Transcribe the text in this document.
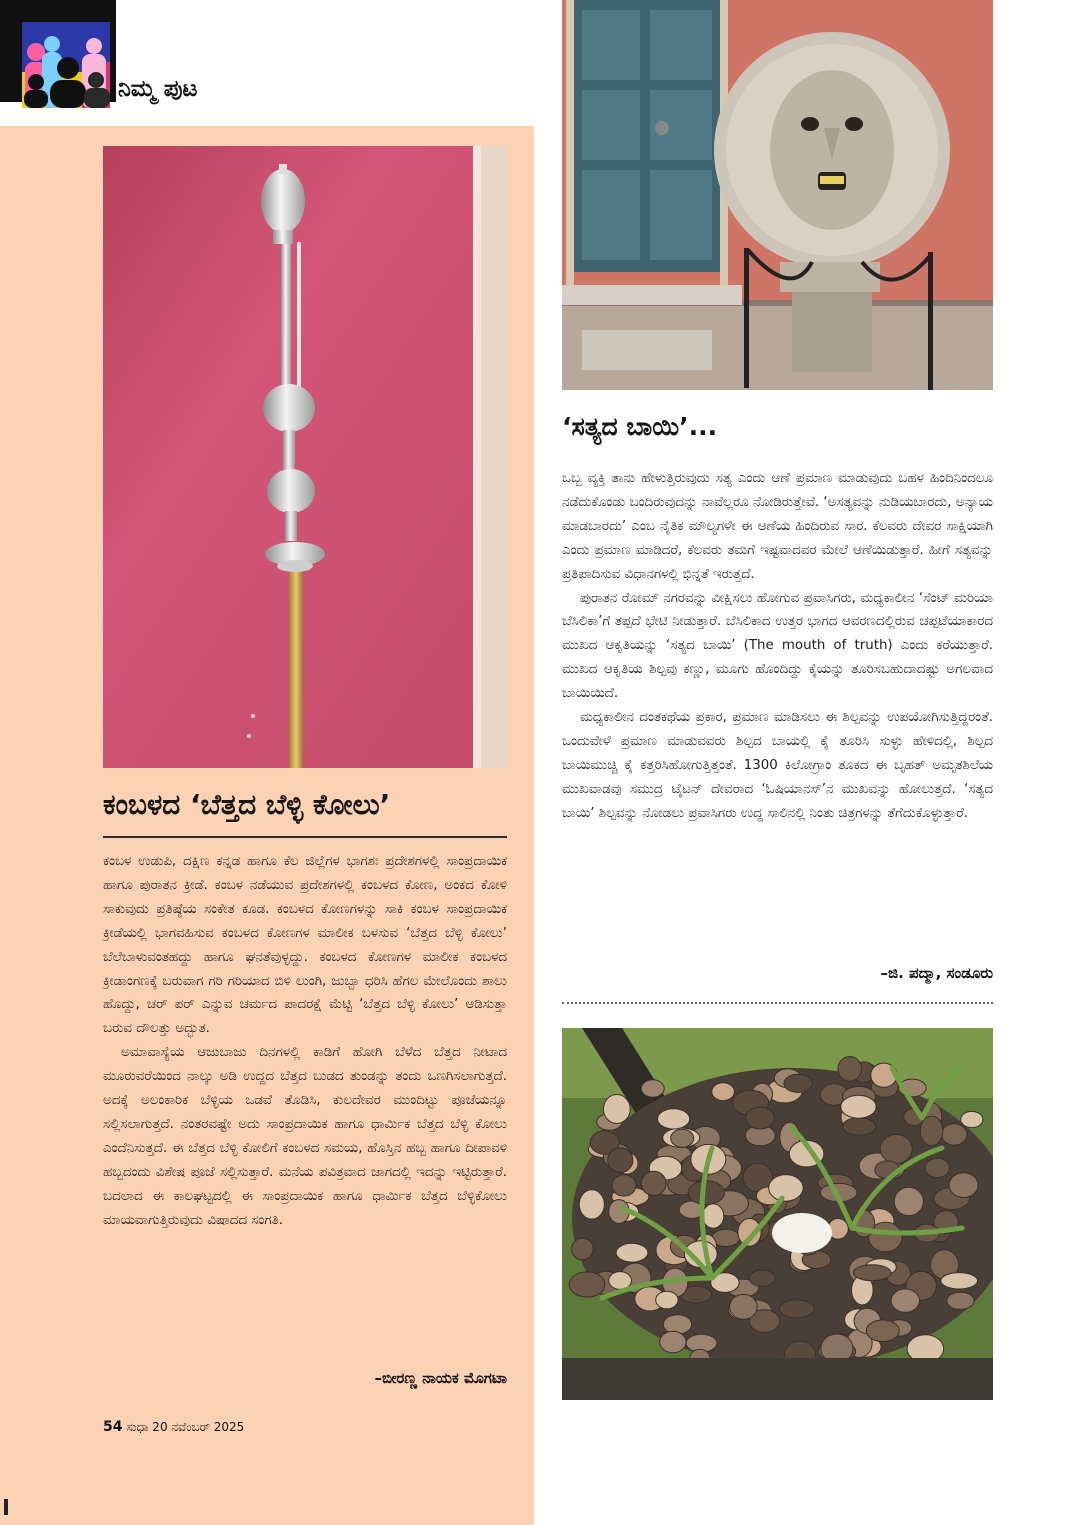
ನಿಮ್ಮ ಪುಟ
ಕಂಬಳದ ‘ಬೆತ್ತದ ಬೆಳ್ಳಿ ಕೋಲು’

ಕಂಬಳ ಉಡುಪಿ, ದಕ್ಷಿಣ ಕನ್ನಡ ಹಾಗೂ ಕೆಲ ಜಿಲ್ಲೆಗಳ ಭಾಗಶಃ ಪ್ರದೇಶಗಳಲ್ಲಿ ಸಾಂಪ್ರದಾಯಿಕ ಹಾಗೂ ಪುರಾತನ ಕ್ರೀಡೆ. ಕಂಬಳ ನಡೆಯುವ ಪ್ರದೇಶಗಳಲ್ಲಿ ಕಂಬಳದ ಕೋಣ, ಅಂಕದ ಕೋಳಿ ಸಾಕುವುದು ಪ್ರತಿಷ್ಠೆಯ ಸಂಕೇತ ಕೂಡ. ಕಂಬಳದ ಕೋಣಗಳನ್ನು ಸಾಕಿ ಕಂಬಳ ಸಾಂಪ್ರದಾಯಿಕ ಕ್ರೀಡೆಯಲ್ಲಿ ಭಾಗವಹಿಸುವ ಕಂಬಳದ ಕೋಣಗಳ ಮಾಲೀಕ ಬಳಸುವ ‘ಬೆತ್ತದ ಬೆಳ್ಳಿ ಕೋಲು’ ಬೆಲೆಬಾಳುವಂತಹದ್ದು ಹಾಗೂ ಘನತೆವುಳ್ಳದ್ದು. ಕಂಬಳದ ಕೋಣಗಳ ಮಾಲೀಕ ಕಂಬಳದ ಕ್ರೀಡಾಂಗಣಕ್ಕೆ ಬರುವಾಗ ಗರಿ ಗರಿಯಾದ ಬಿಳಿ ಲುಂಗಿ, ಜುಬ್ಬಾ ಧರಿಸಿ ಹೆಗಲ ಮೇಲೊಂದು ಶಾಲು ಹೊದ್ದು, ಚರ್ ಪರ್ ಎನ್ನುವ ಚರ್ಮದ ಪಾದರಕ್ಷೆ ಮೆಟ್ಟಿ ‘ಬೆತ್ತದ ಬೆಳ್ಳಿ ಕೋಲು’ ಆಡಿಸುತ್ತಾ ಬರುವ ದೌಲತ್ತು ಅದ್ಭುತ.

ಅಮಾವಾಸ್ಯೆಯ ಆಜುಬಾಜು ದಿನಗಳಲ್ಲಿ ಕಾಡಿಗೆ ಹೋಗಿ ಬೆಳೆದ ಬೆತ್ತದ ನೀಟಾದ ಮೂರುವರೆಯಿಂದ ನಾಲ್ಕು ಅಡಿ ಉದ್ದದ ಬೆತ್ತದ ಬುಡದ ತುಂಡನ್ನು ತಂದು ಒಣಗಿಸಲಾಗುತ್ತದೆ. ಅದಕ್ಕೆ ಅಲಂಕಾರಿಕ ಬೆಳ್ಳಿಯ ಒಡವೆ ತೊಡಿಸಿ, ಕುಲದೇವರ ಮುಂದಿಟ್ಟು ಪೂಜೆಯನ್ನೂ ಸಲ್ಲಿಸಲಾಗುತ್ತದೆ. ನಂತರವಷ್ಟೇ ಅದು ಸಾಂಪ್ರದಾಯಿಕ ಹಾಗೂ ಧಾರ್ಮಿಕ ಬೆತ್ತದ ಬೆಳ್ಳಿ ಕೋಲು ಎಂದೆನಿಸುತ್ತದೆ. ಈ ಬೆತ್ತದ ಬೆಳ್ಳಿ ಕೋಲಿಗೆ ಕಂಬಳದ ಸಮಯ, ಹೊಸ್ತಿನ ಹಬ್ಬ ಹಾಗೂ ದೀಪಾವಳಿ ಹಬ್ಬದಂದು ವಿಶೇಷ ಪೂಜೆ ಸಲ್ಲಿಸುತ್ತಾರೆ. ಮನೆಯ ಪವಿತ್ರವಾದ ಜಾಗದಲ್ಲಿ ಇದನ್ನು ಇಟ್ಟಿರುತ್ತಾರೆ. ಬದಲಾದ ಈ ಕಾಲಘಟ್ಟದಲ್ಲಿ ಈ ಸಾಂಪ್ರದಾಯಿಕ ಹಾಗೂ ಧಾರ್ಮಿಕ ಬೆತ್ತದ ಬೆಳ್ಳಿಕೋಲು ಮಾಯವಾಗುತ್ತಿರುವುದು ವಿಷಾದದ ಸಂಗತಿ.

–ಬೀರಣ್ಣ ನಾಯಕ ಮೊಗಟಾ
54 ಸುಧಾ 20 ನವೆಂಬರ್ 2025
‘ಸತ್ಯದ ಬಾಯಿ’...

ಒಬ್ಬ ವ್ಯಕ್ತಿ ತಾನು ಹೇಳುತ್ತಿರುವುದು ಸತ್ಯ ಎಂದು ಆಣೆ ಪ್ರಮಾಣ ಮಾಡುವುದು ಬಹಳ ಹಿಂದಿನಿಂದಲೂ ನಡೆದುಕೊಂಡು ಬಂದಿರುವುದನ್ನು ನಾವೆಲ್ಲರೂ ನೋಡಿರುತ್ತೇವೆ. ‘ಅಸತ್ಯವನ್ನು ನುಡಿಯಬಾರದು, ಅನ್ಯಾಯ ಮಾಡಬಾರದು’ ಎಂಬ ನೈತಿಕ ಮೌಲ್ಯಗಳೇ ಈ ಆಣೆಯ ಹಿಂದಿರುವ ಸಾರ. ಕೆಲವರು ದೇವರ ಸಾಕ್ಷಿಯಾಗಿ ಎಂದು ಪ್ರಮಾಣ ಮಾಡಿದರೆ, ಕೆಲವರು ತಮಗೆ ಇಷ್ಟವಾದವರ ಮೇಲೆ ಆಣೆಯಿಡುತ್ತಾರೆ. ಹೀಗೆ ಸತ್ಯವನ್ನು ಪ್ರತಿಪಾದಿಸುವ ವಿಧಾನಗಳಲ್ಲಿ ಭಿನ್ನತೆ ಇರುತ್ತದೆ.

ಪುರಾತನ ರೋಮ್ ನಗರವನ್ನು ವೀಕ್ಷಿಸಲು ಹೋಗುವ ಪ್ರವಾಸಿಗರು, ಮಧ್ಯಕಾಲೀನ ‘ಸೆಂಟ್ ಮರಿಯಾ ಬೆಸಿಲಿಕಾ’ಗೆ ತಪ್ಪದೆ ಭೇಟಿ ನೀಡುತ್ತಾರೆ. ಬೆಸಿಲಿಕಾದ ಉತ್ತರ ಭಾಗದ ಆವರಣದಲ್ಲಿರುವ ಚಪ್ಪಟೆಯಾಕಾರದ ಮುಖದ ಆಕೃತಿಯನ್ನು ‘ಸತ್ಯದ ಬಾಯಿ’ (The mouth of truth) ಎಂದು ಕರೆಯುತ್ತಾರೆ. ಮುಖದ ಆಕೃತಿಯ ಶಿಲ್ಪವು ಕಣ್ಣು, ಮೂಗು ಹೊಂದಿದ್ದು ಕೈಯನ್ನು ತೂರಿಸಬಹುದಾದಷ್ಟು ಅಗಲವಾದ ಬಾಯಿಯಿದೆ.

ಮಧ್ಯಕಾಲೀನ ದಂತಕಥೆಯ ಪ್ರಕಾರ, ಪ್ರಮಾಣ ಮಾಡಿಸಲು ಈ ಶಿಲ್ಪವನ್ನು ಉಪಯೋಗಿಸುತ್ತಿದ್ದರಂತೆ. ಒಂದುವೇಳೆ ಪ್ರಮಾಣ ಮಾಡುವವರು ಶಿಲ್ಪದ ಬಾಯಲ್ಲಿ ಕೈ ತೂರಿಸಿ ಸುಳ್ಳು ಹೇಳಿದಲ್ಲಿ, ಶಿಲ್ಪದ ಬಾಯಿಮುಚ್ಚಿ ಕೈ ಕತ್ತರಿಸಿಹೋಗುತ್ತಿತ್ತಂತೆ. 1300 ಕಿಲೋಗ್ರಾಂ ತೂಕದ ಈ ಬೃಹತ್ ಅಮೃತಶಿಲೆಯ ಮುಖವಾಡವು ಸಮುದ್ರ ಟೈಟನ್ ದೇವರಾದ ‘ಓಷಿಯಾನಸ್’ನ ಮುಖವನ್ನು ಹೋಲುತ್ತದೆ. ‘ಸತ್ಯದ ಬಾಯಿ’ ಶಿಲ್ಪವನ್ನು ನೋಡಲು ಪ್ರವಾಸಿಗರು ಉದ್ದ ಸಾಲಿನಲ್ಲಿ ನಿಂತು ಚಿತ್ರಗಳನ್ನು ತೆಗೆದುಕೊಳ್ಳುತ್ತಾರೆ.

–ಜಿ. ಪದ್ಮಾ, ಸಂಡೂರು
